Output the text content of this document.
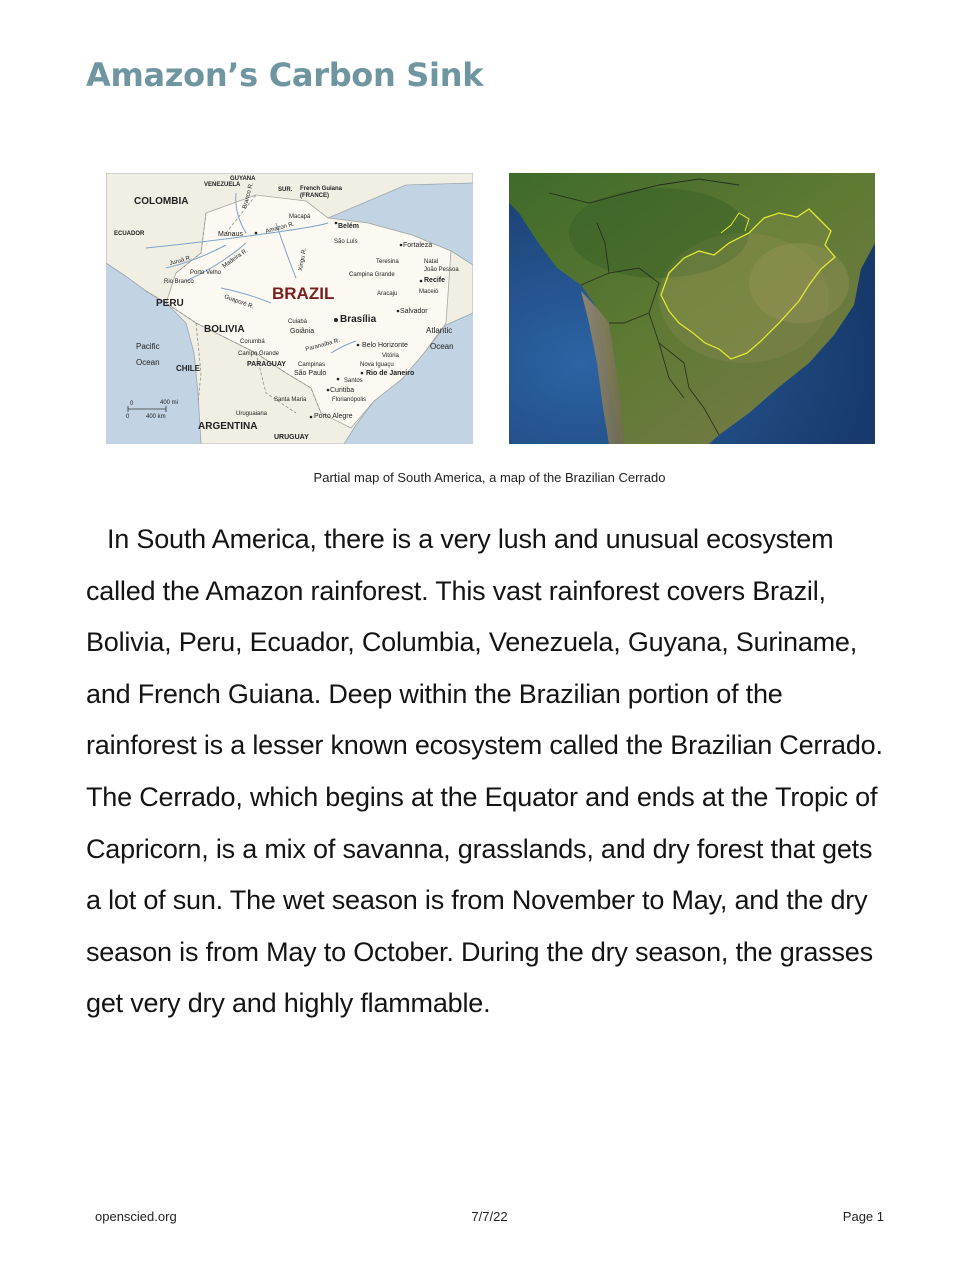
Amazon’s Carbon Sink
GUYANA
VENEZUELA
SUR. French Guiana
(FRANCE)
COLOMBIA	Branco R.
Macapá
Belém
ECUADOR	Manaus	Amazon R.
São Luís	Fortaleza
Juruá R.	Madeira R.	Xingu R.	Teresina	Natal
Porto Velho	João Pessoa
Rio Branco
Campina Grande
Recife
PERU
BRAZIL
Guaporé R.
Aracaju	Maceió
Cuiabá	Brasília
Salvador
BOLIVIA	Goiânia	Atlantic
Corumbá	Paranaíba R.	Belo Horizonte	Ocean
Pacific
Campo Grande	Vitória
Ocean
CHILE	PARAGUAY Campinas	Nova Iguaçu
São Paulo	Rio de Janeiro
Santos
Curitiba
Florianópolis
0	400 mi
0	400 km
Santa Maria
Uruguaiana	Porto Alegre
ARGENTINA
URUGUAY

Partial map of South America, a map of the Brazilian Cerrado

In South America, there is a very lush and unusual ecosystem called the Amazon rainforest. This vast rainforest covers Brazil, Bolivia, Peru, Ecuador, Columbia, Venezuela, Guyana, Suriname, and French Guiana. Deep within the Brazilian portion of the rainforest is a lesser known ecosystem called the Brazilian Cerrado. The Cerrado, which begins at the Equator and ends at the Tropic of Capricorn, is a mix of savanna, grasslands, and dry forest that gets a lot of sun. The wet season is from November to May, and the dry season is from May to October. During the dry season, the grasses get very dry and highly flammable.

openscied.org	7/7/22	Page 1
